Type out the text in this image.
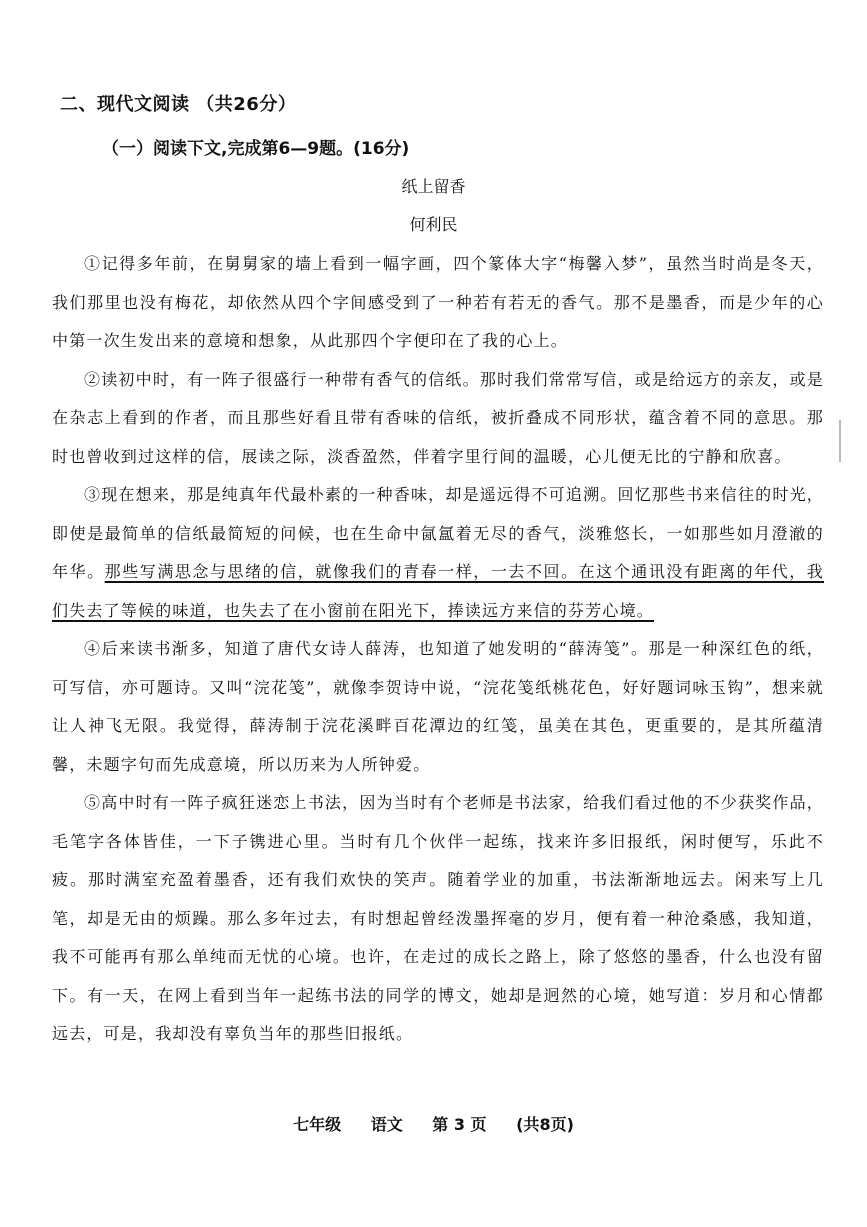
二、现代文阅读 （共26分）
（一）阅读下文,完成第6—9题。(16分)
纸上留香
何利民

①记得多年前，在舅舅家的墙上看到一幅字画，四个篆体大字“梅馨入梦”，虽然当时尚是冬天，我们那里也没有梅花，却依然从四个字间感受到了一种若有若无的香气。那不是墨香，而是少年的心中第一次生发出来的意境和想象，从此那四个字便印在了我的心上。

②读初中时，有一阵子很盛行一种带有香气的信纸。那时我们常常写信，或是给远方的亲友，或是在杂志上看到的作者，而且那些好看且带有香味的信纸，被折叠成不同形状，蕴含着不同的意思。那时也曾收到过这样的信，展读之际，淡香盈然，伴着字里行间的温暖，心儿便无比的宁静和欣喜。

③现在想来，那是纯真年代最朴素的一种香味，却是遥远得不可追溯。回忆那些书来信往的时光，即使是最简单的信纸最简短的问候，也在生命中氤氲着无尽的香气，淡雅悠长，一如那些如月澄澈的年华。那些写满思念与思绪的信，就像我们的青春一样，一去不回。在这个通讯没有距离的年代，我们失去了等候的味道，也失去了在小窗前在阳光下，捧读远方来信的芬芳心境。

④后来读书渐多，知道了唐代女诗人薛涛，也知道了她发明的“薛涛笺”。那是一种深红色的纸，可写信，亦可题诗。又叫“浣花笺”，就像李贺诗中说，“浣花笺纸桃花色，好好题词咏玉钩”，想来就让人神飞无限。我觉得，薛涛制于浣花溪畔百花潭边的红笺，虽美在其色，更重要的，是其所蕴清馨，未题字句而先成意境，所以历来为人所钟爱。

⑤高中时有一阵子疯狂迷恋上书法，因为当时有个老师是书法家，给我们看过他的不少获奖作品，毛笔字各体皆佳，一下子镌进心里。当时有几个伙伴一起练，找来许多旧报纸，闲时便写，乐此不疲。那时满室充盈着墨香，还有我们欢快的笑声。随着学业的加重，书法渐渐地远去。闲来写上几笔，却是无由的烦躁。那么多年过去，有时想起曾经泼墨挥毫的岁月，便有着一种沧桑感，我知道，我不可能再有那么单纯而无忧的心境。也许，在走过的成长之路上，除了悠悠的墨香，什么也没有留下。有一天，在网上看到当年一起练书法的同学的博文，她却是迥然的心境，她写道：岁月和心情都远去，可是，我却没有辜负当年的那些旧报纸。

七年级 语文 第 3 页 (共8页)
